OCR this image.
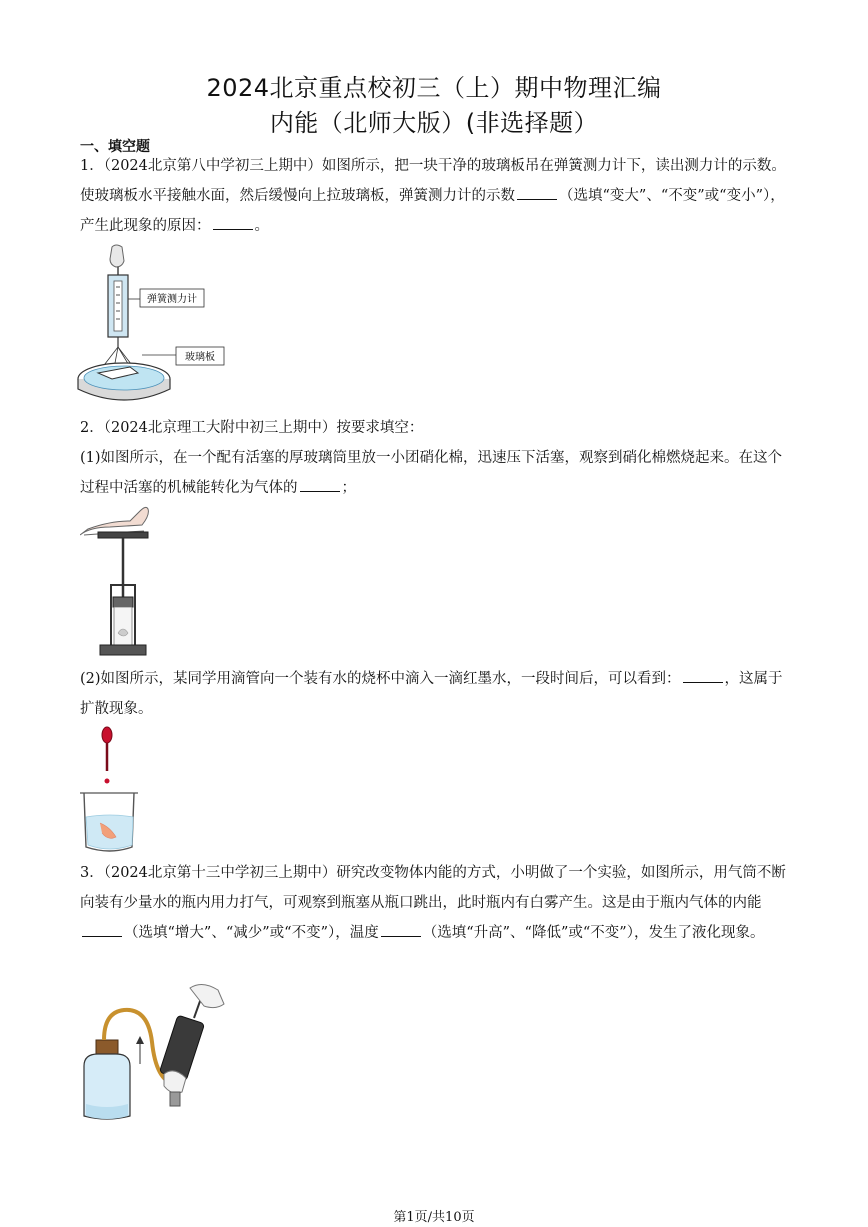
2024北京重点校初三（上）期中物理汇编
内能（北师大版）(非选择题）
一、填空题
1．（2024北京第八中学初三上期中）如图所示，把一块干净的玻璃板吊在弹簧测力计下，读出测力计的示数。使玻璃板水平接触水面，然后缓慢向上拉玻璃板，弹簧测力计的示数	（选填“变大”、“不变”或“变小”），产生此现象的原因：	。
弹簧测力计
玻璃板
2．（2024北京理工大附中初三上期中）按要求填空：
(1)如图所示，在一个配有活塞的厚玻璃筒里放一小团硝化棉，迅速压下活塞，观察到硝化棉燃烧起来。在这个过程中活塞的机械能转化为气体的	；
(2)如图所示，某同学用滴管向一个装有水的烧杯中滴入一滴红墨水，一段时间后，可以看到：	，这属于扩散现象。
3．（2024北京第十三中学初三上期中）研究改变物体内能的方式，小明做了一个实验，如图所示，用气筒不断向装有少量水的瓶内用力打气，可观察到瓶塞从瓶口跳出，此时瓶内有白雾产生。这是由于瓶内气体的内能（选填“增大”、“减少”或“不变”），温度	（选填“升高”、“降低”或“不变”），发生了液化现象。
第1页/共10页
